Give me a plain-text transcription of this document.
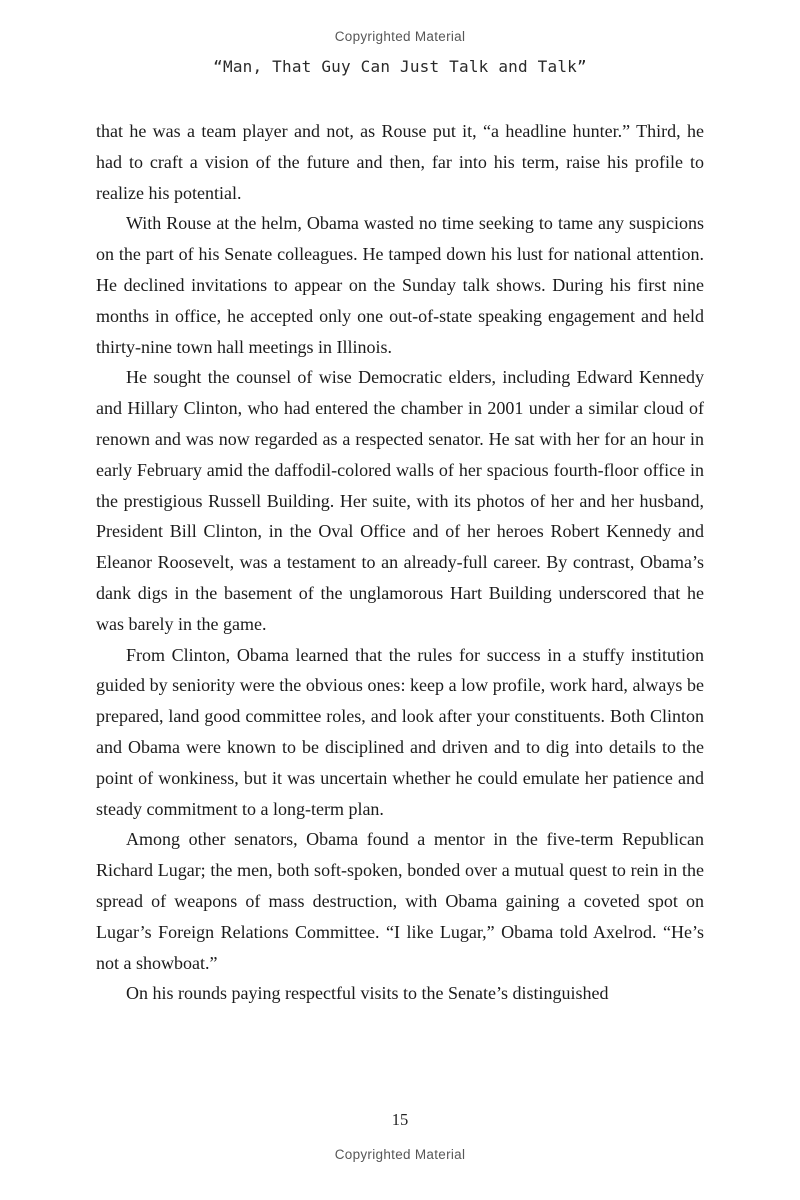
Copyrighted Material
“Man, That Guy Can Just Talk and Talk”

that he was a team player and not, as Rouse put it, “a headline hunter.” Third, he had to craft a vision of the future and then, far into his term, raise his profile to realize his potential.

With Rouse at the helm, Obama wasted no time seeking to tame any suspicions on the part of his Senate colleagues. He tamped down his lust for national attention. He declined invitations to appear on the Sunday talk shows. During his first nine months in office, he accepted only one out-of-state speaking engagement and held thirty-nine town hall meetings in Illinois.

He sought the counsel of wise Democratic elders, including Edward Kennedy and Hillary Clinton, who had entered the chamber in 2001 under a similar cloud of renown and was now regarded as a respected senator. He sat with her for an hour in early February amid the daffodil-colored walls of her spacious fourth-floor office in the prestigious Russell Building. Her suite, with its photos of her and her husband, President Bill Clinton, in the Oval Office and of her heroes Robert Kennedy and Eleanor Roosevelt, was a testament to an already-full career. By contrast, Obama’s dank digs in the basement of the unglamorous Hart Building underscored that he was barely in the game.

From Clinton, Obama learned that the rules for success in a stuffy institution guided by seniority were the obvious ones: keep a low profile, work hard, always be prepared, land good committee roles, and look after your constituents. Both Clinton and Obama were known to be disciplined and driven and to dig into details to the point of wonkiness, but it was uncertain whether he could emulate her patience and steady commitment to a long-term plan.

Among other senators, Obama found a mentor in the five-term Republican Richard Lugar; the men, both soft-spoken, bonded over a mutual quest to rein in the spread of weapons of mass destruction, with Obama gaining a coveted spot on Lugar’s Foreign Relations Committee. “I like Lugar,” Obama told Axelrod. “He’s not a showboat.”

On his rounds paying respectful visits to the Senate’s distinguished

15
Copyrighted Material
